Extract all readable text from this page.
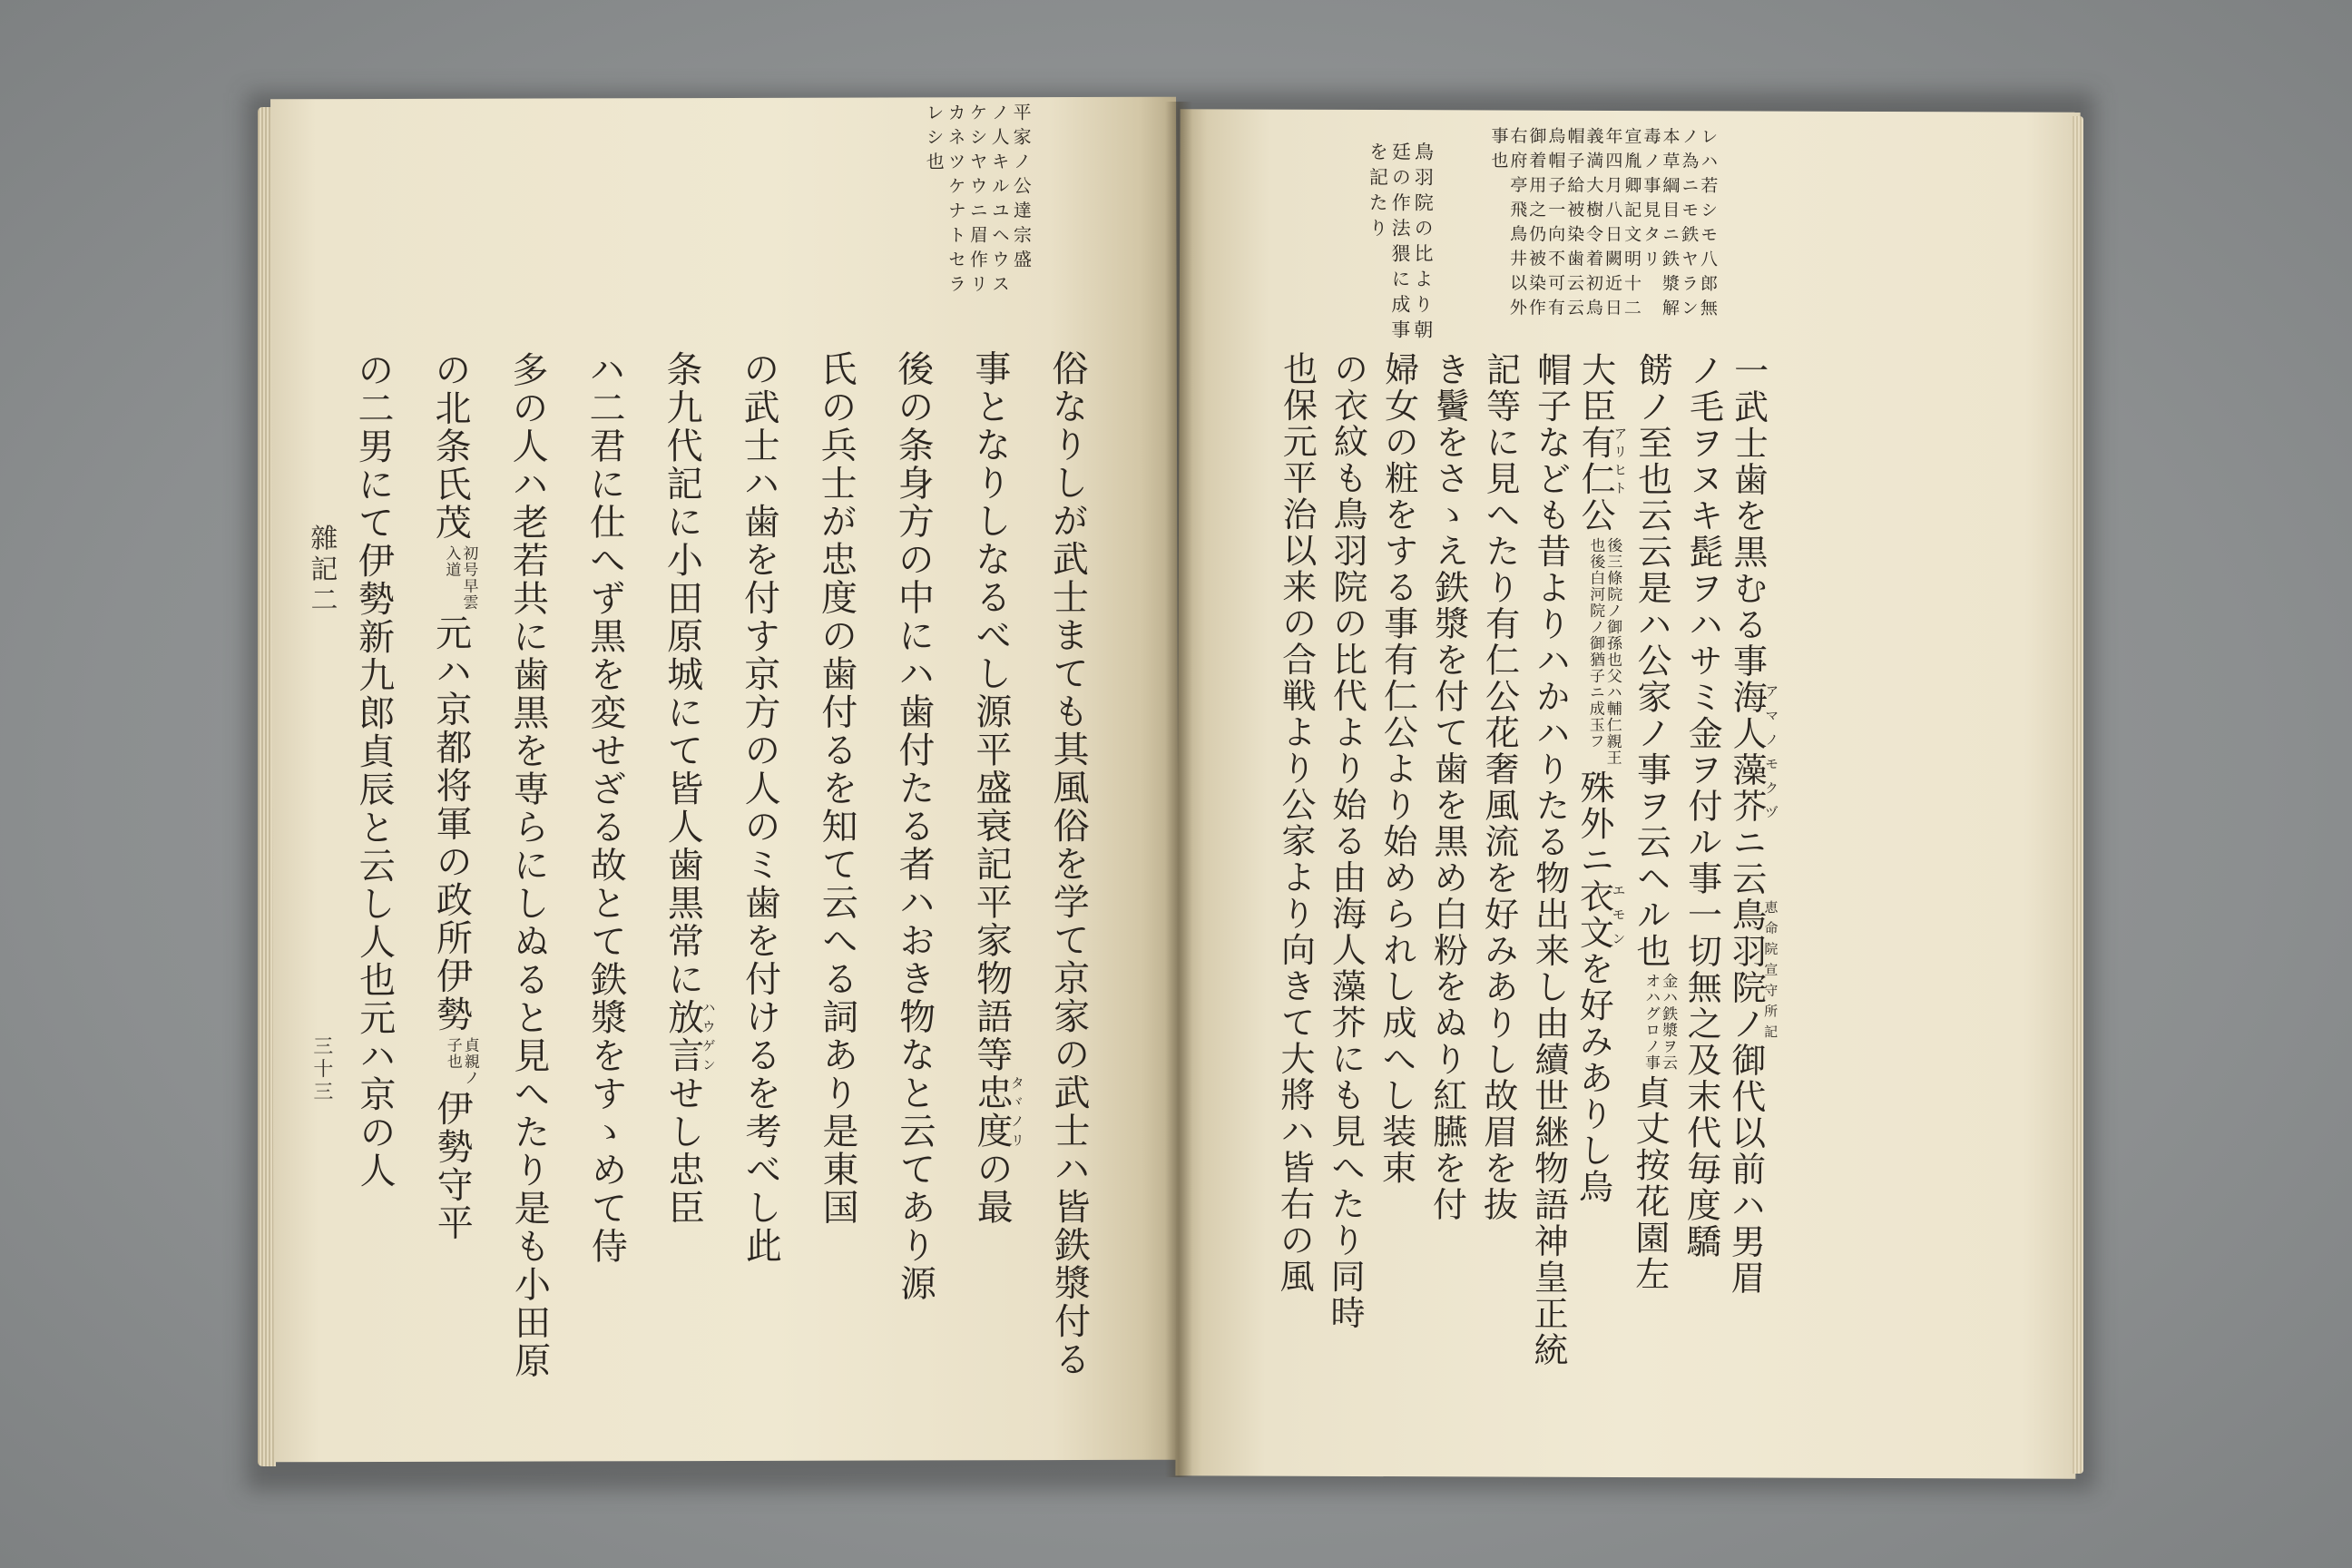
平家ノ公達宗盛
ノ人キルユヘウス
ケシヤウニ眉作リ
カネツケナトセラ
レシ也
雜記二
三十三	俗なりしが武士まても其風俗を学て京家の武士ハ皆鉄漿付る
事となりしなるべし源平盛衰記平家物語等忠度タヾノリの最
後の条身方の中にハ歯付たる者ハおき物なと云てあり源
氏の兵士が忠度の歯付るを知て云へる詞あり是東国
の武士ハ歯を付す京方の人のミ歯を付けるを考べし此
条九代記に小田原城にて皆人歯黒常に放言ハウゲンせし忠臣
ハ二君に仕へず黒を変せざる故とて鉄漿をすゝめて侍
多の人ハ老若共に歯黒を専らにしぬると見へたり是も小田原
の北条氏茂
初号早雲
入道
元ハ京都将軍の政所伊勢
貞親ノ
子也
伊勢守平
の二男にて伊勢新九郎貞辰と云し人也元ハ京の人
レハ若シモ八郎無
ノ為ニモ鉄ヤラン
本草綱目ニ鉄漿解
毒ノ事見タリ
宣胤卿記文明十二
年四月八日闕近日
義満大樹令着初烏
帽子給被染歯云云
烏帽子一向不可有
御着用之仍被染作
右府亭飛鳥井以外
事也
鳥羽院の比より朝
廷の作法猥に成事
を記たり
一武士歯を黒むる事海人藻芥アマノモクヅニ云鳥羽院ノ恵命院宣守所記御代以前ハ男眉
ノ毛ヲヌキ髭ヲハサミ金ヲ付ル事一切無之及末代毎度驕
餝ノ至也云云是ハ公家ノ事ヲ云ヘル也
金ハ鉄漿ヲ云
オハグロノ事
貞丈按花園左
大臣有仁アリヒト公
後三條院ノ御孫也父ハ輔仁親王
也後白河院ノ御猶子ニ成玉フ
殊外ニ衣文エモンを好みありし烏
帽子なども昔よりハかハりたる物出来し由續世継物語神皇正統
記等に見へたり有仁公花奢風流を好みありし故眉を抜
き鬢をさゝえ鉄漿を付て歯を黒め白粉をぬり紅臙を付
婦女の粧をする事有仁公より始められし成へし装束
の衣紋も鳥羽院の比代より始る由海人藻芥にも見へたり同時
也保元平治以来の合戦より公家より向きて大將ハ皆右の風
